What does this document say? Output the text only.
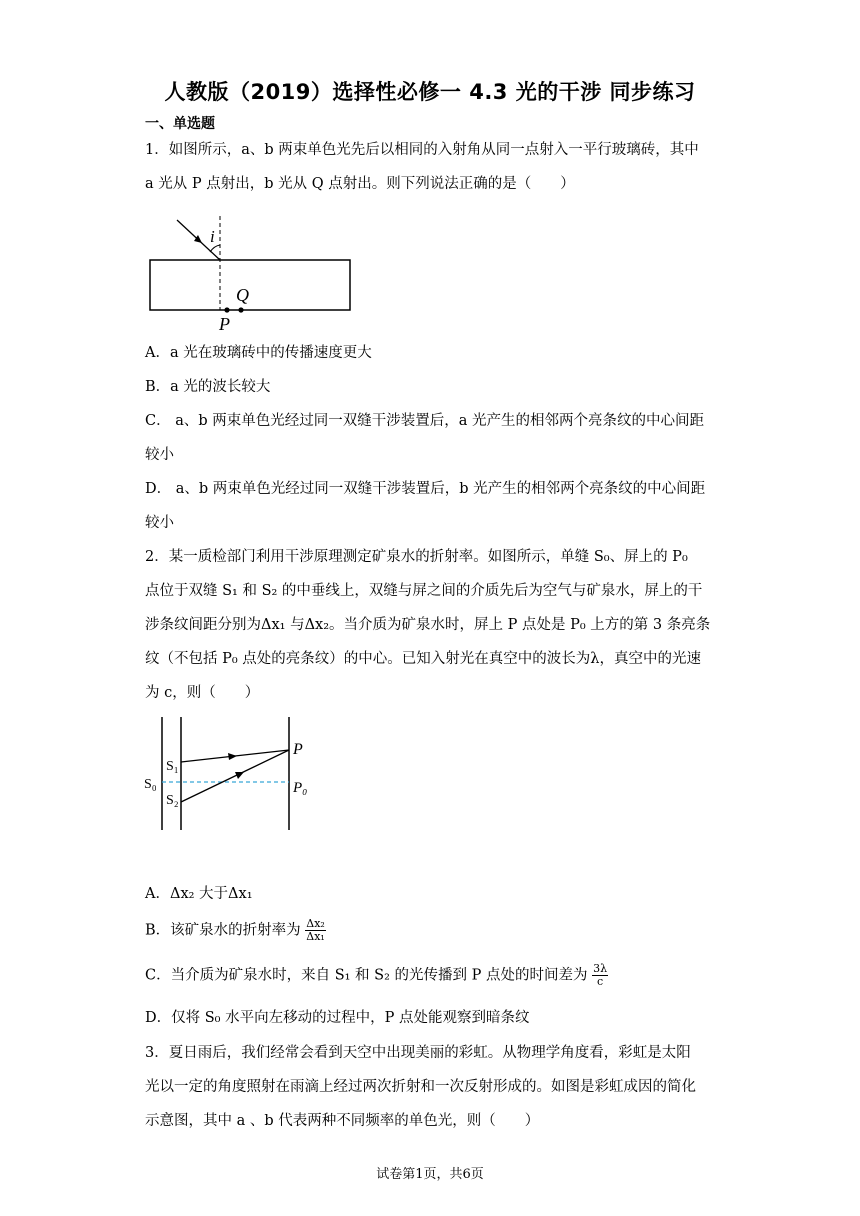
人教版（2019）选择性必修一 4.3 光的干涉 同步练习
一、单选题
1．如图所示，a、b 两束单色光先后以相同的入射角从同一点射入一平行玻璃砖，其中
a 光从 P 点射出，b 光从 Q 点射出。则下列说法正确的是（　　）
i
Q
P
A．a 光在玻璃砖中的传播速度更大
B．a 光的波长较大
C． a、b 两束单色光经过同一双缝干涉装置后，a 光产生的相邻两个亮条纹的中心间距
较小
D． a、b 两束单色光经过同一双缝干涉装置后，b 光产生的相邻两个亮条纹的中心间距
较小
2．某一质检部门利用干涉原理测定矿泉水的折射率。如图所示，单缝 S₀、屏上的 P₀
点位于双缝 S₁ 和 S₂ 的中垂线上，双缝与屏之间的介质先后为空气与矿泉水，屏上的干
涉条纹间距分别为Δx₁ 与Δx₂。当介质为矿泉水时，屏上 P 点处是 P₀ 上方的第 3 条亮条
纹（不包括 P₀ 点处的亮条纹）的中心。已知入射光在真空中的波长为λ，真空中的光速
为 c，则（　　）
S₀
S₁
S₂
P
P₀
A．Δx₂ 大于Δx₁
B．该矿泉水的折射率为 $\frac{\text{Δx₂}}{\text{Δx₁}}$
C．当介质为矿泉水时，来自 S₁ 和 S₂ 的光传播到 P 点处的时间差为 $\frac{3\lambda}{c}$
D．仅将 S₀ 水平向左移动的过程中，P 点处能观察到暗条纹
3．夏日雨后，我们经常会看到天空中出现美丽的彩虹。从物理学角度看，彩虹是太阳
光以一定的角度照射在雨滴上经过两次折射和一次反射形成的。如图是彩虹成因的简化
示意图，其中 a 、b 代表两种不同频率的单色光，则（　　）
试卷第1页，共6页
